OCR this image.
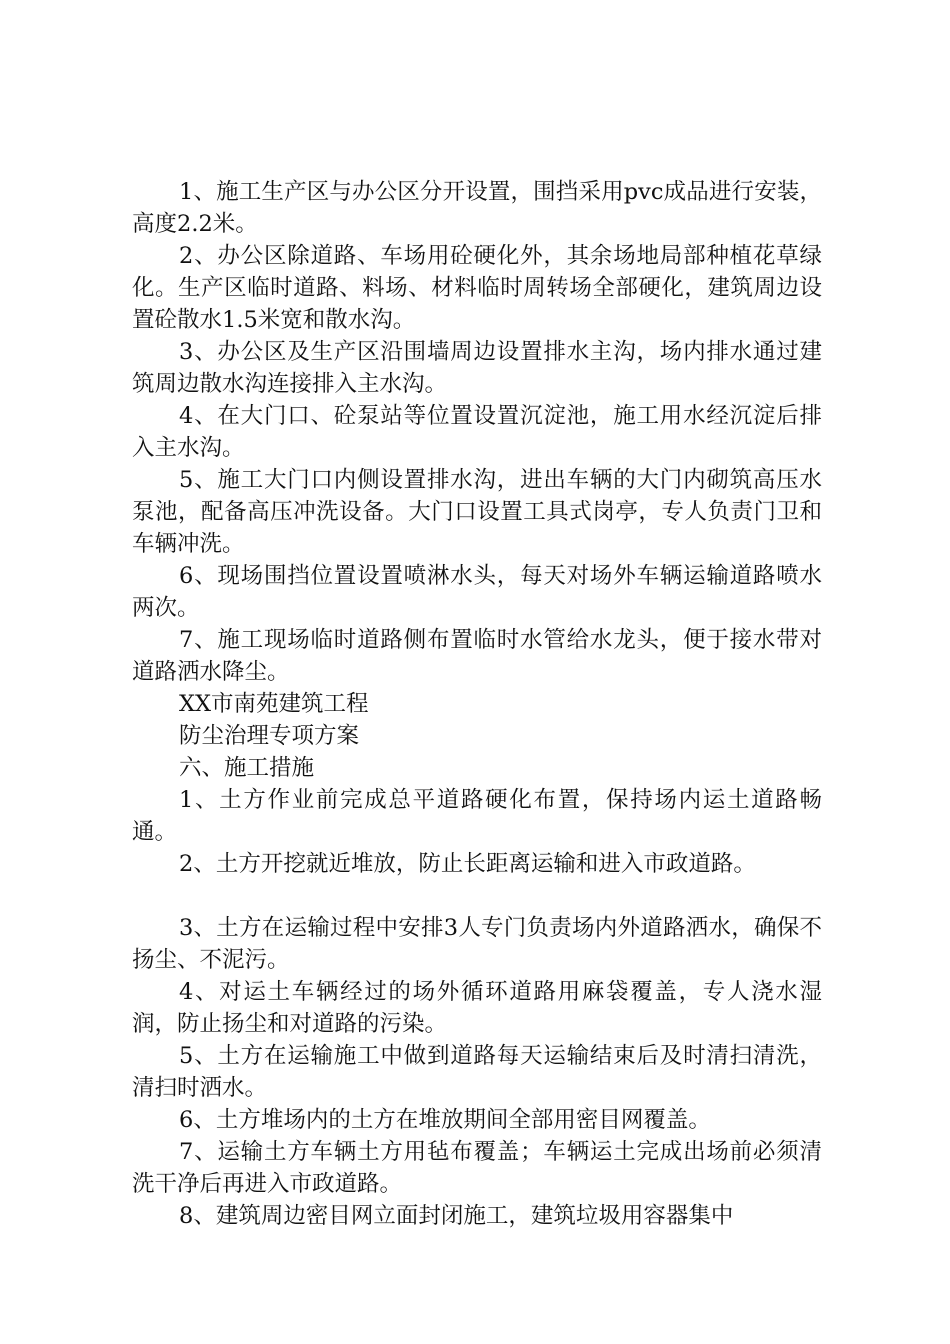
1、施工生产区与办公区分开设置，围挡采用pvc成品进行安装，高度2.2米。

2、办公区除道路、车场用砼硬化外，其余场地局部种植花草绿化。生产区临时道路、料场、材料临时周转场全部硬化，建筑周边设置砼散水1.5米宽和散水沟。

3、办公区及生产区沿围墙周边设置排水主沟，场内排水通过建筑周边散水沟连接排入主水沟。

4、在大门口、砼泵站等位置设置沉淀池，施工用水经沉淀后排入主水沟。

5、施工大门口内侧设置排水沟，进出车辆的大门内砌筑高压水泵池，配备高压冲洗设备。大门口设置工具式岗亭，专人负责门卫和车辆冲洗。

6、现场围挡位置设置喷淋水头，每天对场外车辆运输道路喷水两次。

7、施工现场临时道路侧布置临时水管给水龙头，便于接水带对道路洒水降尘。

XX市南苑建筑工程

防尘治理专项方案

六、施工措施

1、土方作业前完成总平道路硬化布置，保持场内运土道路畅通。

2、土方开挖就近堆放，防止长距离运输和进入市政道路。

3、土方在运输过程中安排3人专门负责场内外道路洒水，确保不扬尘、不泥污。

4、对运土车辆经过的场外循环道路用麻袋覆盖，专人浇水湿润，防止扬尘和对道路的污染。

5、土方在运输施工中做到道路每天运输结束后及时清扫清洗，清扫时洒水。

6、土方堆场内的土方在堆放期间全部用密目网覆盖。

7、运输土方车辆土方用毡布覆盖；车辆运土完成出场前必须清洗干净后再进入市政道路。

8、建筑周边密目网立面封闭施工，建筑垃圾用容器集中
